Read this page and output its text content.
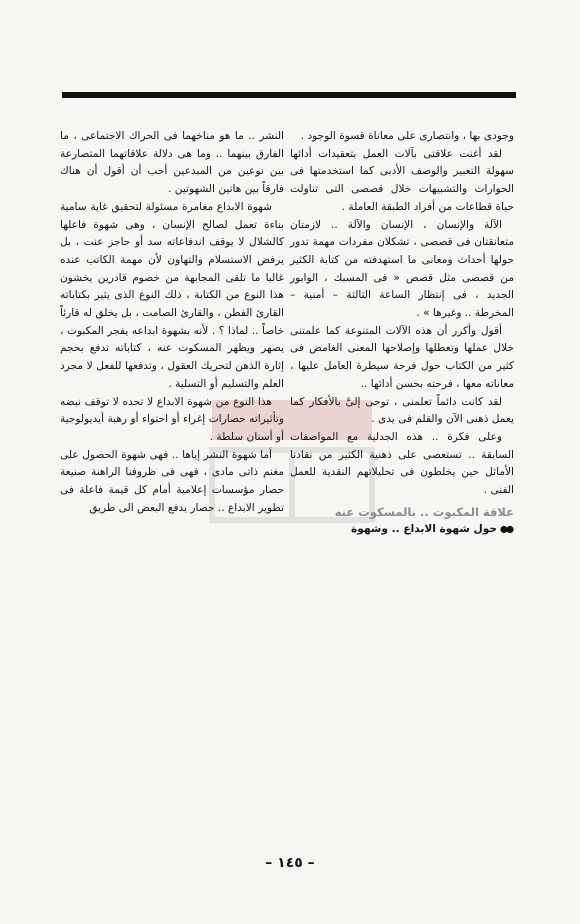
وجودى بها ، وانتصارى على معاناة قسوة الوجود .

لقد أغنت علاقتى بآلات العمل بتعقيدات أدائها سهولة التعبير والوصف الأدبى كما استخدمتها فى الحوارات والتشبيهات خلال قصصى التى تناولت حياة قطاعات من أفراد الطبقة العاملة .

الآلة والإنسان ، الإنسان والآلة .. لازمتان متعانقتان فى قصصى ، تشكلان مفردات مهمة تدور حولها أحداث ومعانى ما استهدفته من كتابة الكثير من قصصى مثل قصص « فى المسبك ، الوابور الجديد ، فى إنتظار الساعة الثالثة – أمنية – المخرطة .. وغيرها » .

أقول وأكرر أن هذه الآلات المتنوعة كما علمتنى خلال عملها وتعطلها وإصلاحها المعنى الغامض فى كثير من الكتاب حول فرحة سيطرة العامل عليها ، معاناته معها ، فرحته بحسن أدائها ..

لقد كانت دائماً تعلمنى ، توحى إلىَّ بالأفكار كما يعمل ذهنى الآن والقلم فى يدى .

وعلى فكرة .. هذه الجدلية مع المواصفات السابقة .. تستعصى على ذهنية الكثير من نقادنا الأماثل حين يخلطون فى تحليلاتهم النقدية للعمل الفنى .

علاقة المكبوت .. بالمسكوت عنه

حول شهوة الابداع .. وشهوة

النشر .. ما هو مناخهما فى الحراك الاجتماعى ، ما الفارق بينهما .. وما هى دلالة علاقاتهما المتصارعة بين نوعين من المبدعين أحب أن أقول أن هناك فارقاً بين هاتين الشهوتين .

شهوة الابداع مغامرة مسئولة لتحقيق غاية سامية بناءة تعمل لصالح الإنسان ، وهى شهوة فاعلها كالشلال لا يوقف اندفاعاته سد أو حاجز عنت ، بل يرفض الاستسلام والتهاون لأن مهمة الكاتب عنده غالبا ما تلقى المجابهة من خصوم قادرين يخشون هذا النوع من الكتابة ، ذلك النوع الذى يثير بكتاباته القارئ الفطن ، والقارئ الصامت ، بل يخلق له قارئاً خاصاً .. لماذا ؟ . لأنه بشهوة ابداعه يفجر المكبوت ، يصهر ويظهر المسكوت عنه ، كتاباته تدفع بحجم إثارة الذهن لتحريك العقول ، وتدفعها للفعل لا مجرد العلم والتسليم أو التسلية .

هذا النوع من شهوة الابداع لا تحده لا توقف نبضه وتأثيراته حصارات إغراء أو احتواء أو رهبة أيديولوجية أو أسنان سلطة .

أما شهوة النشر إياها .. فهى شهوة الحصول على مغنم ذاتى مادى ، فهى فى ظروفنا الراهنة صنيعة حصار مؤسسات إعلامية أمام كل قيمة فاعلة فى تطوير الابداع .. حصار يدفع البعض الى طريق

– ١٤٥ –
